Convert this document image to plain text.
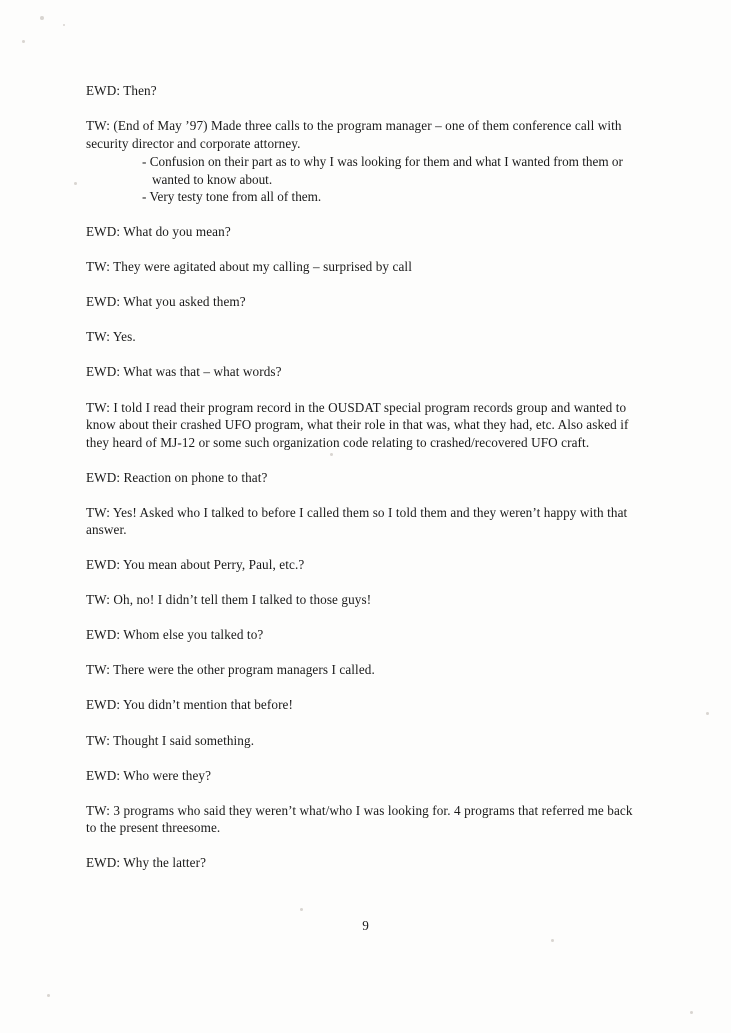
EWD: Then?

TW: (End of May ’97) Made three calls to the program manager – one of them conference call with security director and corporate attorney.

- Confusion on their part as to why I was looking for them and what I wanted from them or wanted to know about.

- Very testy tone from all of them.

EWD: What do you mean?

TW: They were agitated about my calling – surprised by call

EWD: What you asked them?

TW: Yes.

EWD: What was that – what words?

TW: I told I read their program record in the OUSDAT special program records group and wanted to know about their crashed UFO program, what their role in that was, what they had, etc. Also asked if they heard of MJ-12 or some such organization code relating to crashed/recovered UFO craft.

EWD: Reaction on phone to that?

TW: Yes! Asked who I talked to before I called them so I told them and they weren’t happy with that answer.

EWD: You mean about Perry, Paul, etc.?

TW: Oh, no! I didn’t tell them I talked to those guys!

EWD: Whom else you talked to?

TW: There were the other program managers I called.

EWD: You didn’t mention that before!

TW: Thought I said something.

EWD: Who were they?

TW: 3 programs who said they weren’t what/who I was looking for. 4 programs that referred me back to the present threesome.

EWD: Why the latter?

9
